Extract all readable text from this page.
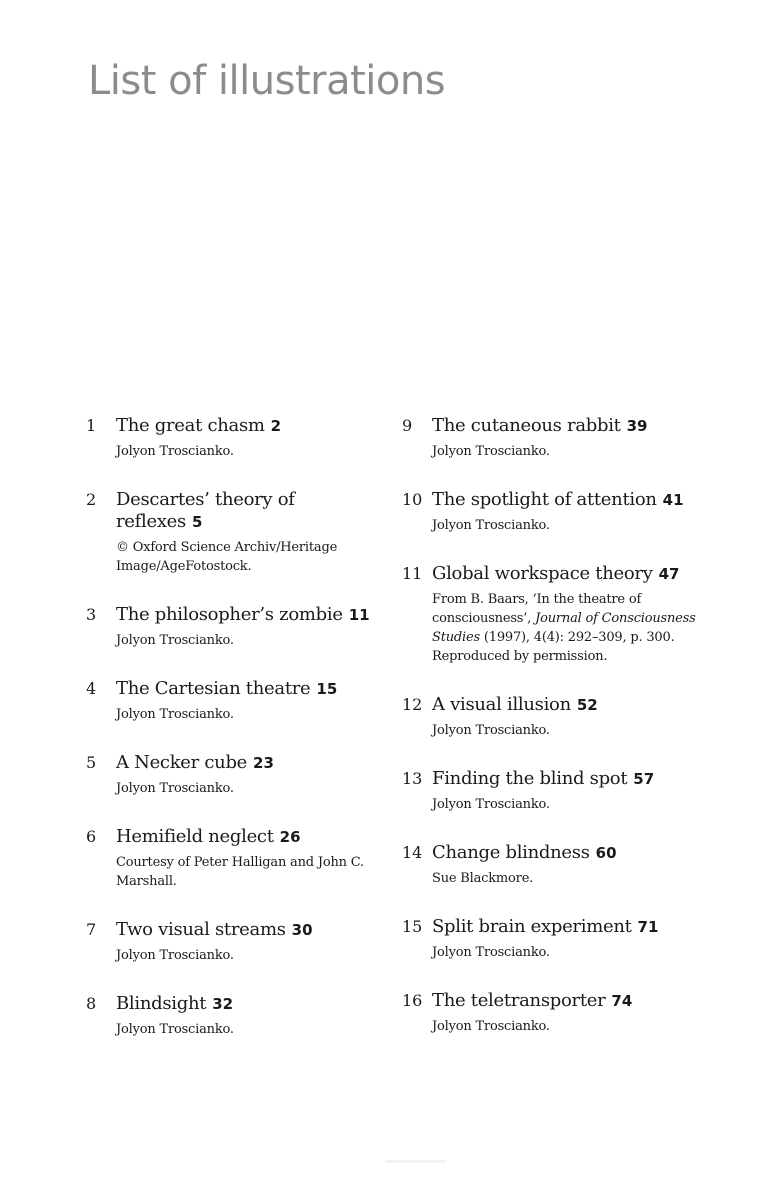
List of illustrations
1	The great chasm 2
Jolyon Troscianko.
2	Descartes’ theory of reflexes 5
© Oxford Science Archiv/Heritage Image/AgeFotostock.
3	The philosopher’s zombie 11
Jolyon Troscianko.
4	The Cartesian theatre 15
Jolyon Troscianko.
5	A Necker cube 23
Jolyon Troscianko.
6	Hemifield neglect 26
Courtesy of Peter Halligan and John C. Marshall.
7	Two visual streams 30
Jolyon Troscianko.
8	Blindsight 32
Jolyon Troscianko.
9	The cutaneous rabbit 39
Jolyon Troscianko.
10 The spotlight of attention 41
Jolyon Troscianko.
11 Global workspace theory 47
From B. Baars, ‘In the theatre of consciousness’, Journal of Consciousness Studies (1997), 4(4): 292–309, p. 300. Reproduced by permission.
12 A visual illusion 52
Jolyon Troscianko.
13 Finding the blind spot 57
Jolyon Troscianko.
14 Change blindness 60
Sue Blackmore.
15 Split brain experiment 71
Jolyon Troscianko.
16 The teletransporter 74
Jolyon Troscianko.
